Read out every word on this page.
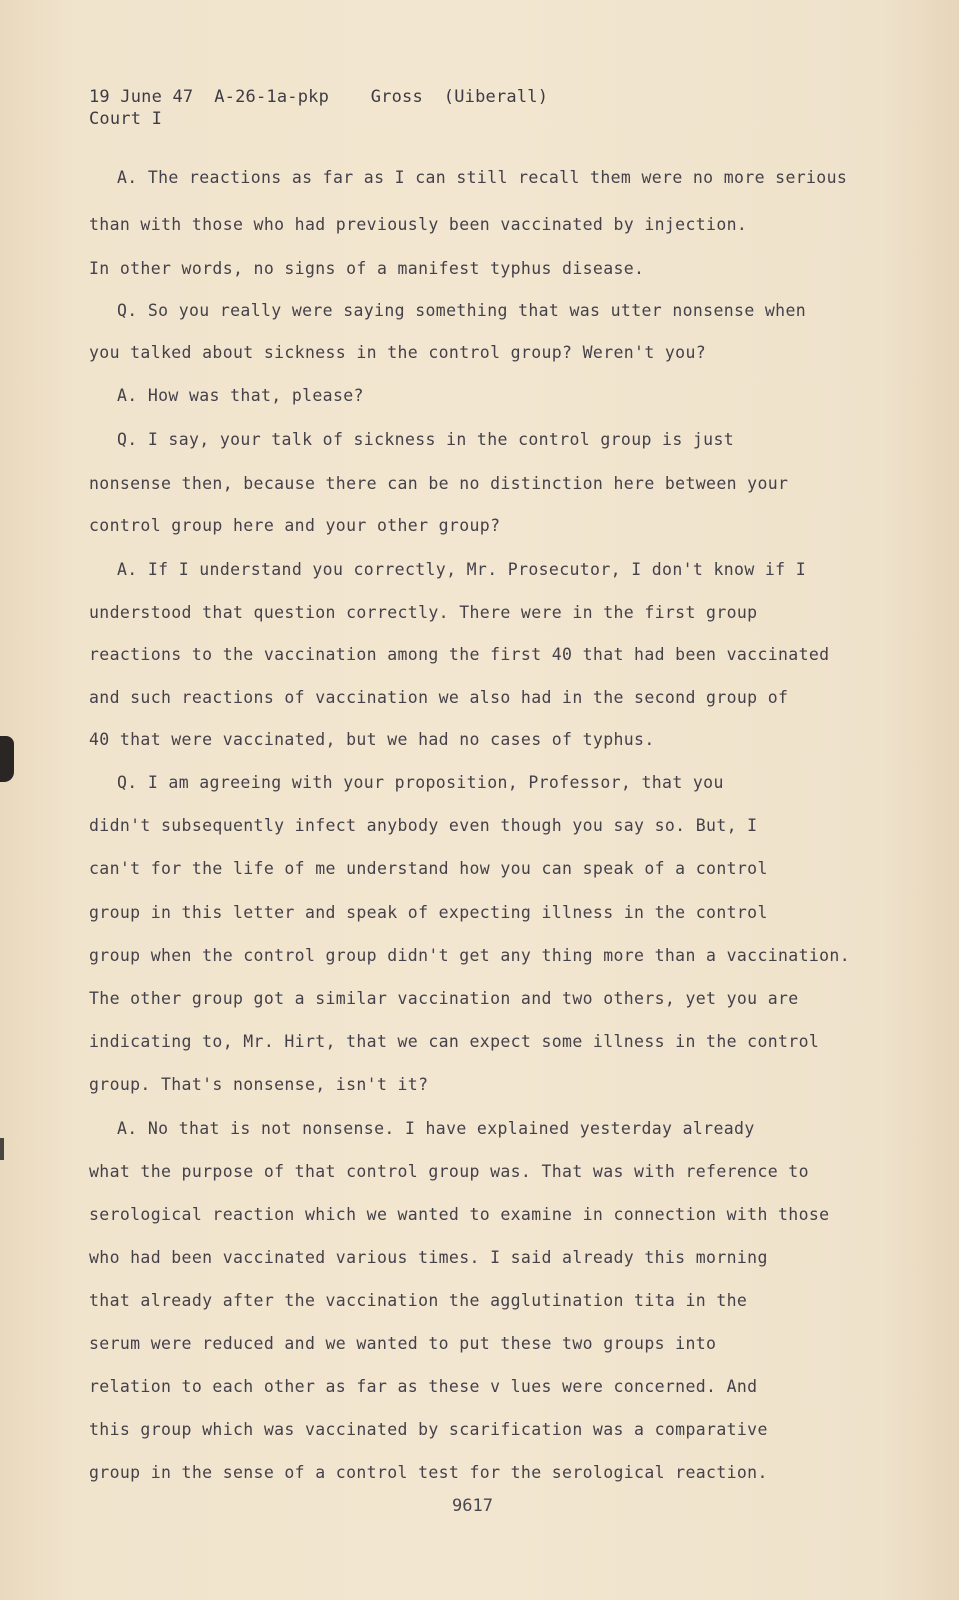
19 June 47  A-26-1a-pkp    Gross  (Uiberall)
Court I
A. The reactions as far as I can still recall them were no more serious
than with those who had previously been vaccinated by injection.
In other words, no signs of a manifest typhus disease.
Q. So you really were saying something that was utter nonsense when
you talked about sickness in the control group? Weren't you?
A. How was that, please?
Q. I say, your talk of sickness in the control group is just
nonsense then, because there can be no distinction here between your
control group here and your other group?
A. If I understand you correctly, Mr. Prosecutor, I don't know if I
understood that question correctly. There were in the first group
reactions to the vaccination among the first 40 that had been vaccinated
and such reactions of vaccination we also had in the second group of
40 that were vaccinated, but we had no cases of typhus.
Q. I am agreeing with your proposition, Professor, that you
didn't subsequently infect anybody even though you say so. But, I
can't for the life of me understand how you can speak of a control
group in this letter and speak of expecting illness in the control
group when the control group didn't get any thing more than a vaccination.
The other group got a similar vaccination and two others, yet you are
indicating to, Mr. Hirt, that we can expect some illness in the control
group. That's nonsense, isn't it?
A. No that is not nonsense. I have explained yesterday already
what the purpose of that control group was. That was with reference to
serological reaction which we wanted to examine in connection with those
who had been vaccinated various times. I said already this morning
that already after the vaccination the agglutination tita in the
serum were reduced and we wanted to put these two groups into
relation to each other as far as these v lues were concerned. And
this group which was vaccinated by scarification was a comparative
group in the sense of a control test for the serological reaction.
9617
